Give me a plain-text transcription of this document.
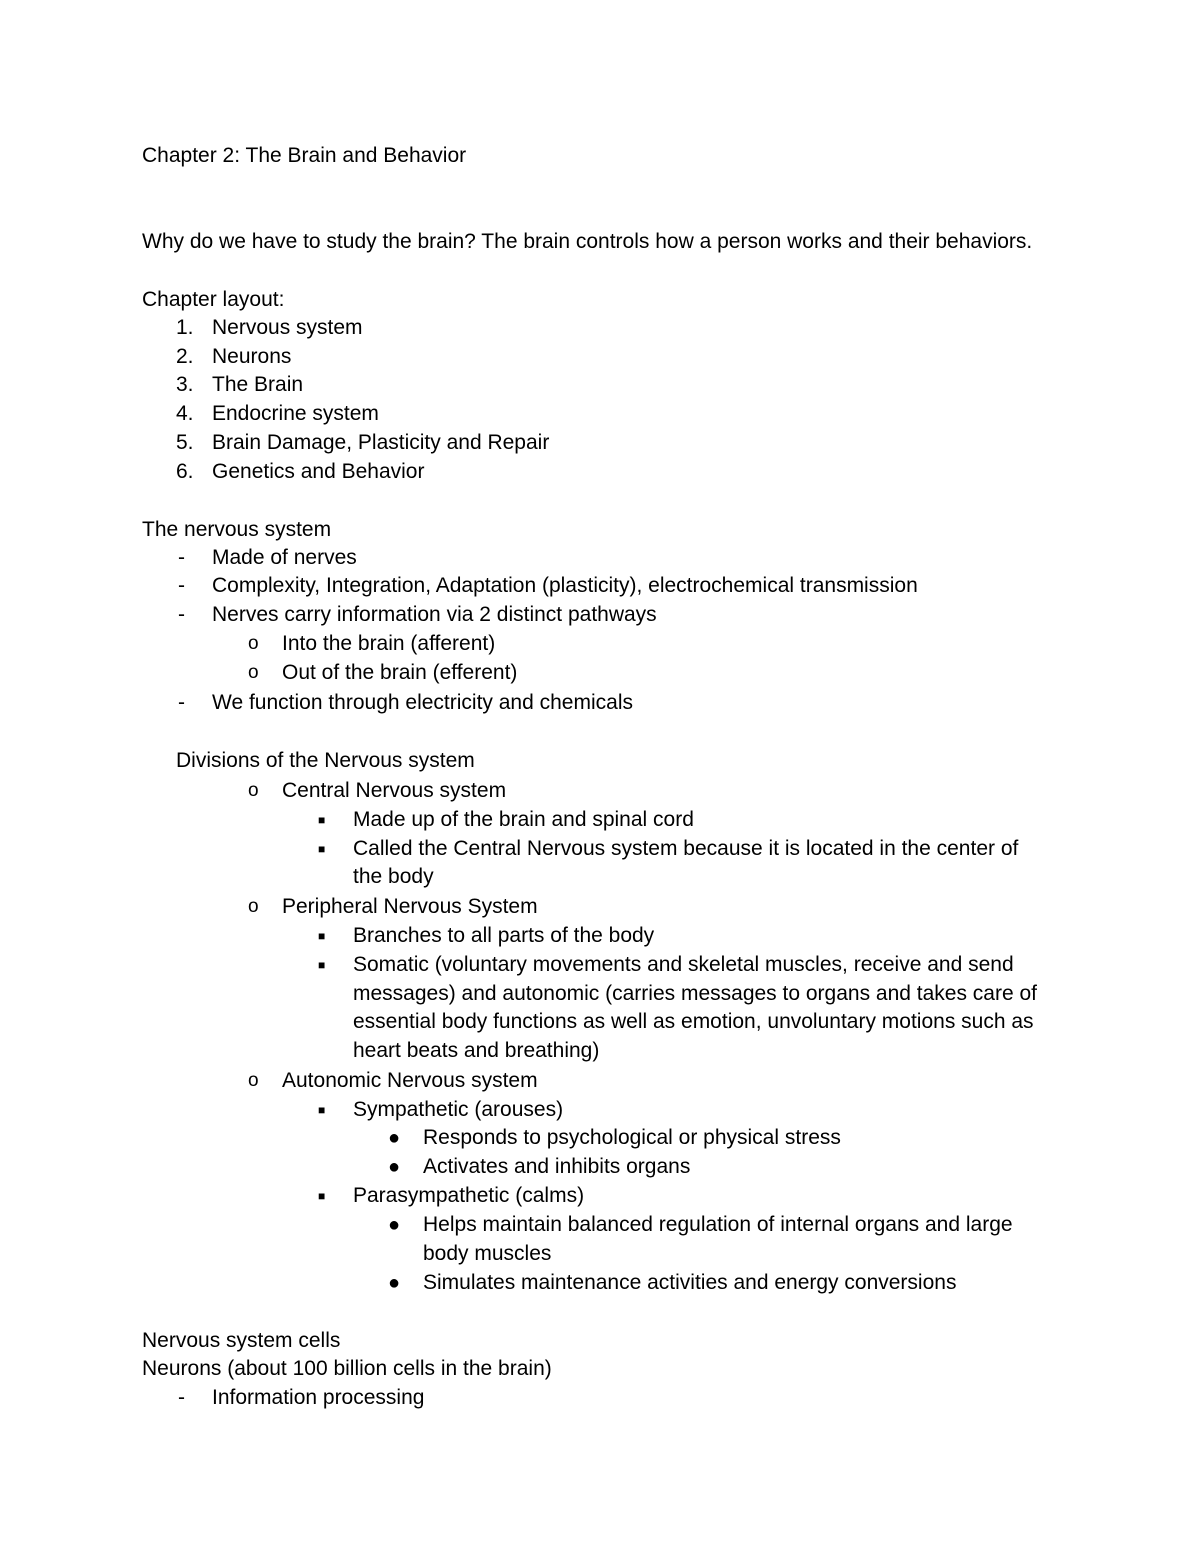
Chapter 2: The Brain and Behavior
Why do we have to study the brain? The brain controls how a person works and their behaviors.
Chapter layout:
1. Nervous system
2. Neurons
3. The Brain
4. Endocrine system
5. Brain Damage, Plasticity and Repair
6. Genetics and Behavior
The nervous system
- Made of nerves
- Complexity, Integration, Adaptation (plasticity), electrochemical transmission
- Nerves carry information via 2 distinct pathways
o Into the brain (afferent)
o Out of the brain (efferent)
- We function through electricity and chemicals
Divisions of the Nervous system
o Central Nervous system
■ Made up of the brain and spinal cord
■ Called the Central Nervous system because it is located in the center of
the body
o Peripheral Nervous System
■ Branches to all parts of the body
■ Somatic (voluntary movements and skeletal muscles, receive and send
messages) and autonomic (carries messages to organs and takes care of
essential body functions as well as emotion, unvoluntary motions such as
heart beats and breathing)
o Autonomic Nervous system
■ Sympathetic (arouses)
● Responds to psychological or physical stress
● Activates and inhibits organs
■ Parasympathetic (calms)
● Helps maintain balanced regulation of internal organs and large
body muscles
● Simulates maintenance activities and energy conversions
Nervous system cells
Neurons (about 100 billion cells in the brain)
- Information processing
